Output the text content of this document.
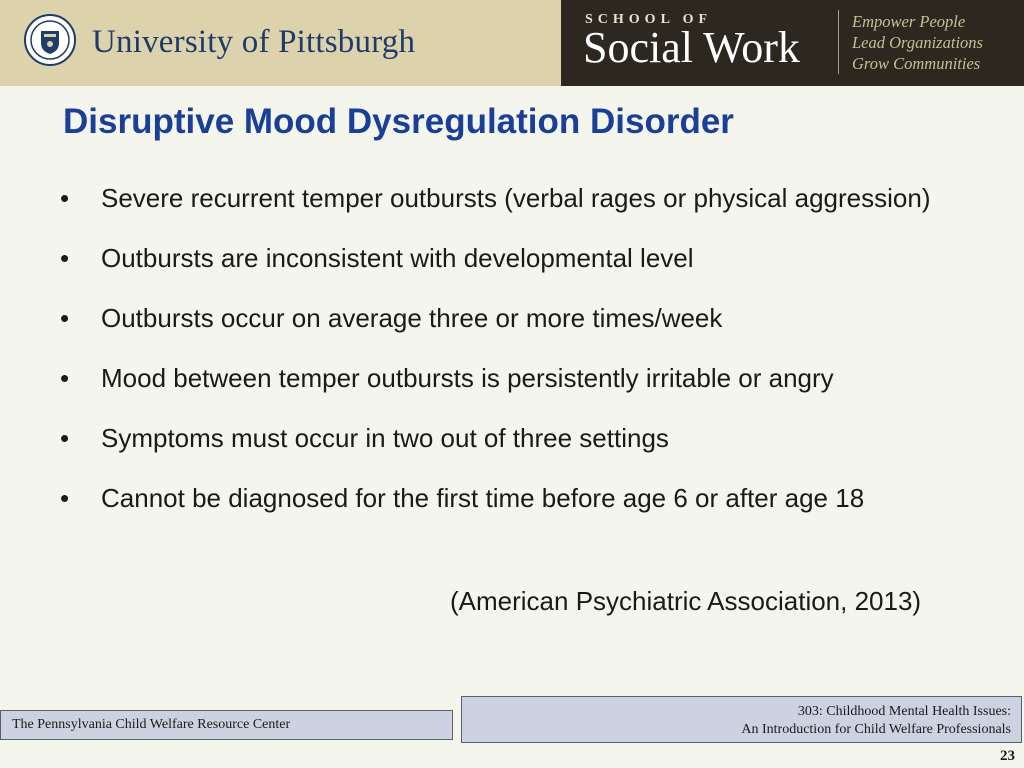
University of Pittsburgh
SCHOOL OF
Social Work
Empower People
Lead Organizations
Grow Communities
Disruptive Mood Dysregulation Disorder
• Severe recurrent temper outbursts (verbal rages or physical aggression)
• Outbursts are inconsistent with developmental level
• Outbursts occur on average three or more times/week
• Mood between temper outbursts is persistently irritable or angry
• Symptoms must occur in two out of three settings
• Cannot be diagnosed for the first time before age 6 or after age 18
(American Psychiatric Association, 2013)
The Pennsylvania Child Welfare Resource Center
303: Childhood Mental Health Issues:
An Introduction for Child Welfare Professionals
23
